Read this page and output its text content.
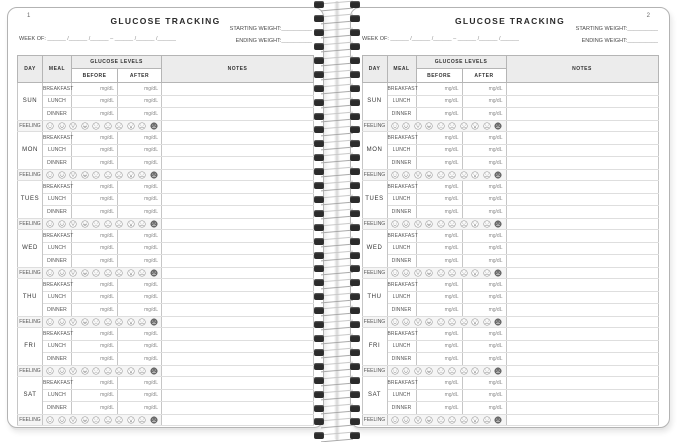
1	GLUCOSE TRACKING
WEEK OF: ______ /______ /______ – ______ /______ /______
STARTING WEIGHT:__________
ENDING WEIGHT:__________
DAY	MEAL	GLUCOSE LEVELS		NOTES
		BEFORE	AFTER	
SUN	BREAKFAST	mg/dL	mg/dL	
	LUNCH	mg/dL	mg/dL	
	DINNER	mg/dL	mg/dL	
FEELING	

MON	BREAKFAST	mg/dL	mg/dL	
	LUNCH	mg/dL	mg/dL	
	DINNER	mg/dL	mg/dL	
FEELING	

TUES	BREAKFAST	mg/dL	mg/dL	
	LUNCH	mg/dL	mg/dL	
	DINNER	mg/dL	mg/dL	
FEELING	

WED	BREAKFAST	mg/dL	mg/dL	
	LUNCH	mg/dL	mg/dL	
	DINNER	mg/dL	mg/dL	
FEELING	

THU	BREAKFAST	mg/dL	mg/dL	
	LUNCH	mg/dL	mg/dL	
	DINNER	mg/dL	mg/dL	
FEELING	

FRI	BREAKFAST	mg/dL	mg/dL	
	LUNCH	mg/dL	mg/dL	
	DINNER	mg/dL	mg/dL	
FEELING	

SAT	BREAKFAST	mg/dL	mg/dL	
	LUNCH	mg/dL	mg/dL	
	DINNER	mg/dL	mg/dL	
FEELING	

2
GLUCOSE TRACKING
WEEK OF: ______ /______ /______ – ______ /______ /______
STARTING WEIGHT:__________
ENDING WEIGHT:__________
DAY	MEAL	GLUCOSE LEVELS		NOTES
		BEFORE	AFTER	
SUN	BREAKFAST	mg/dL	mg/dL	
	LUNCH	mg/dL	mg/dL	
	DINNER	mg/dL	mg/dL	
FEELING	

MON	BREAKFAST	mg/dL	mg/dL	
	LUNCH	mg/dL	mg/dL	
	DINNER	mg/dL	mg/dL	
FEELING	

TUES	BREAKFAST	mg/dL	mg/dL	
	LUNCH	mg/dL	mg/dL	
	DINNER	mg/dL	mg/dL	
FEELING	

WED	BREAKFAST	mg/dL	mg/dL	
	LUNCH	mg/dL	mg/dL	
	DINNER	mg/dL	mg/dL	
FEELING	

THU	BREAKFAST	mg/dL	mg/dL	
	LUNCH	mg/dL	mg/dL	
	DINNER	mg/dL	mg/dL	
FEELING	

FRI	BREAKFAST	mg/dL	mg/dL	
	LUNCH	mg/dL	mg/dL	
	DINNER	mg/dL	mg/dL	
FEELING	

SAT	BREAKFAST	mg/dL	mg/dL	
	LUNCH	mg/dL	mg/dL	
	DINNER	mg/dL	mg/dL	
FEELING	
